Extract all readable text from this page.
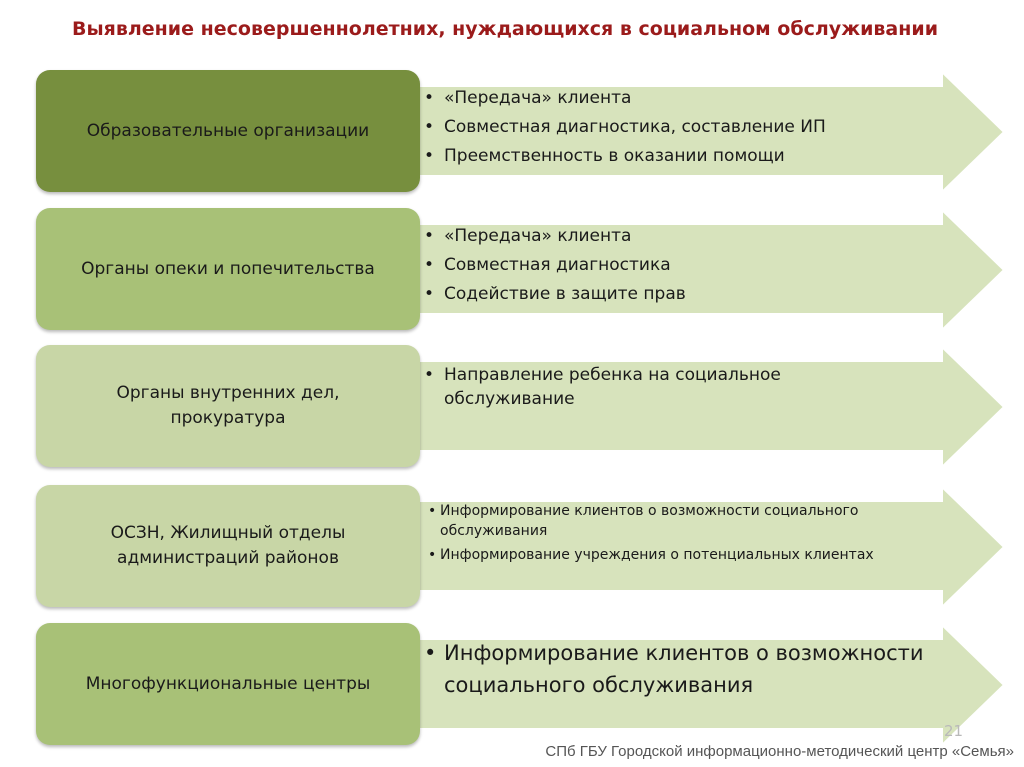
Выявление несовершеннолетних, нуждающихся в социальном обслуживании
Образовательные организации
• «Передача» клиента
• Совместная диагностика, составление ИП
• Преемственность в оказании помощи
Органы опеки и попечительства
• «Передача» клиента
• Совместная диагностика
• Содействие в защите прав
Органы внутренних дел, прокуратура
• Направление ребенка на социальное обслуживание
ОСЗН, Жилищный отделы администраций районов
• Информирование клиентов о возможности социального обслуживания
• Информирование учреждения о потенциальных клиентах
Многофункциональные центры
• Информирование клиентов о возможности социального обслуживания
21
СПб ГБУ Городской информационно-методический центр «Семья»
